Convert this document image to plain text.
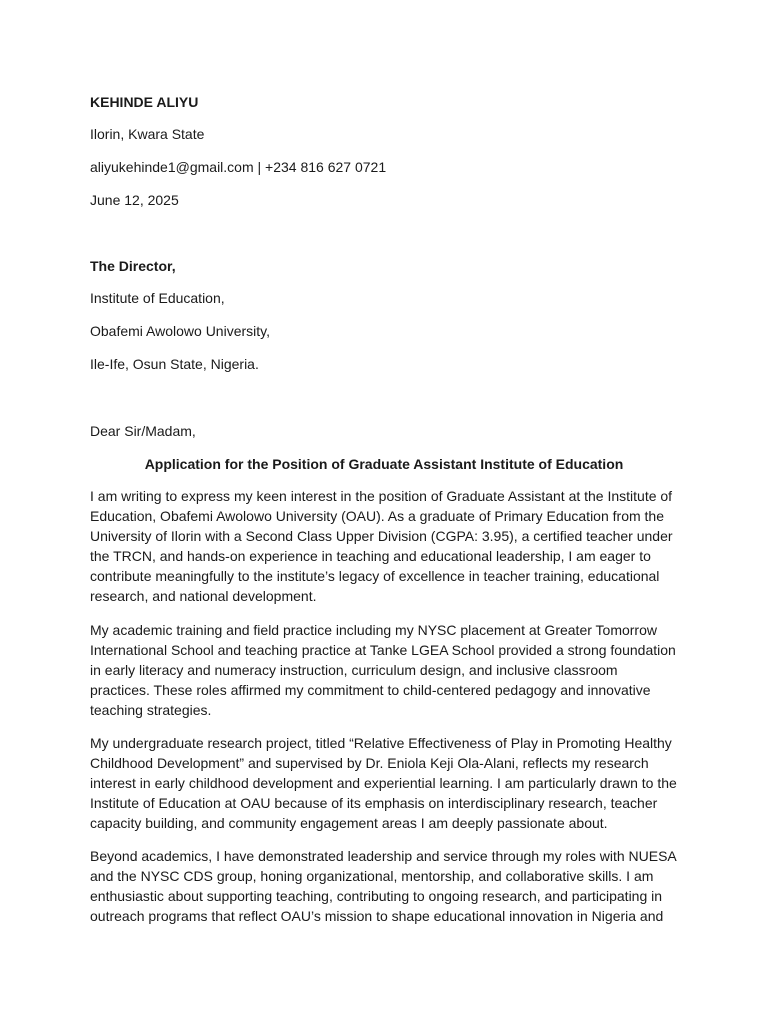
KEHINDE ALIYU

Ilorin, Kwara State

aliyukehinde1@gmail.com | +234 816 627 0721

June 12, 2025

The Director,

Institute of Education,

Obafemi Awolowo University,

Ile-Ife, Osun State, Nigeria.

Dear Sir/Madam,

Application for the Position of Graduate Assistant Institute of Education

I am writing to express my keen interest in the position of Graduate Assistant at the Institute of Education, Obafemi Awolowo University (OAU). As a graduate of Primary Education from the University of Ilorin with a Second Class Upper Division (CGPA: 3.95), a certified teacher under the TRCN, and hands-on experience in teaching and educational leadership, I am eager to contribute meaningfully to the institute’s legacy of excellence in teacher training, educational research, and national development.

My academic training and field practice including my NYSC placement at Greater Tomorrow International School and teaching practice at Tanke LGEA School provided a strong foundation in early literacy and numeracy instruction, curriculum design, and inclusive classroom practices. These roles affirmed my commitment to child-centered pedagogy and innovative teaching strategies.

My undergraduate research project, titled “Relative Effectiveness of Play in Promoting Healthy Childhood Development” and supervised by Dr. Eniola Keji Ola-Alani, reflects my research interest in early childhood development and experiential learning. I am particularly drawn to the Institute of Education at OAU because of its emphasis on interdisciplinary research, teacher capacity building, and community engagement areas I am deeply passionate about.

Beyond academics, I have demonstrated leadership and service through my roles with NUESA and the NYSC CDS group, honing organizational, mentorship, and collaborative skills. I am enthusiastic about supporting teaching, contributing to ongoing research, and participating in outreach programs that reflect OAU’s mission to shape educational innovation in Nigeria and
